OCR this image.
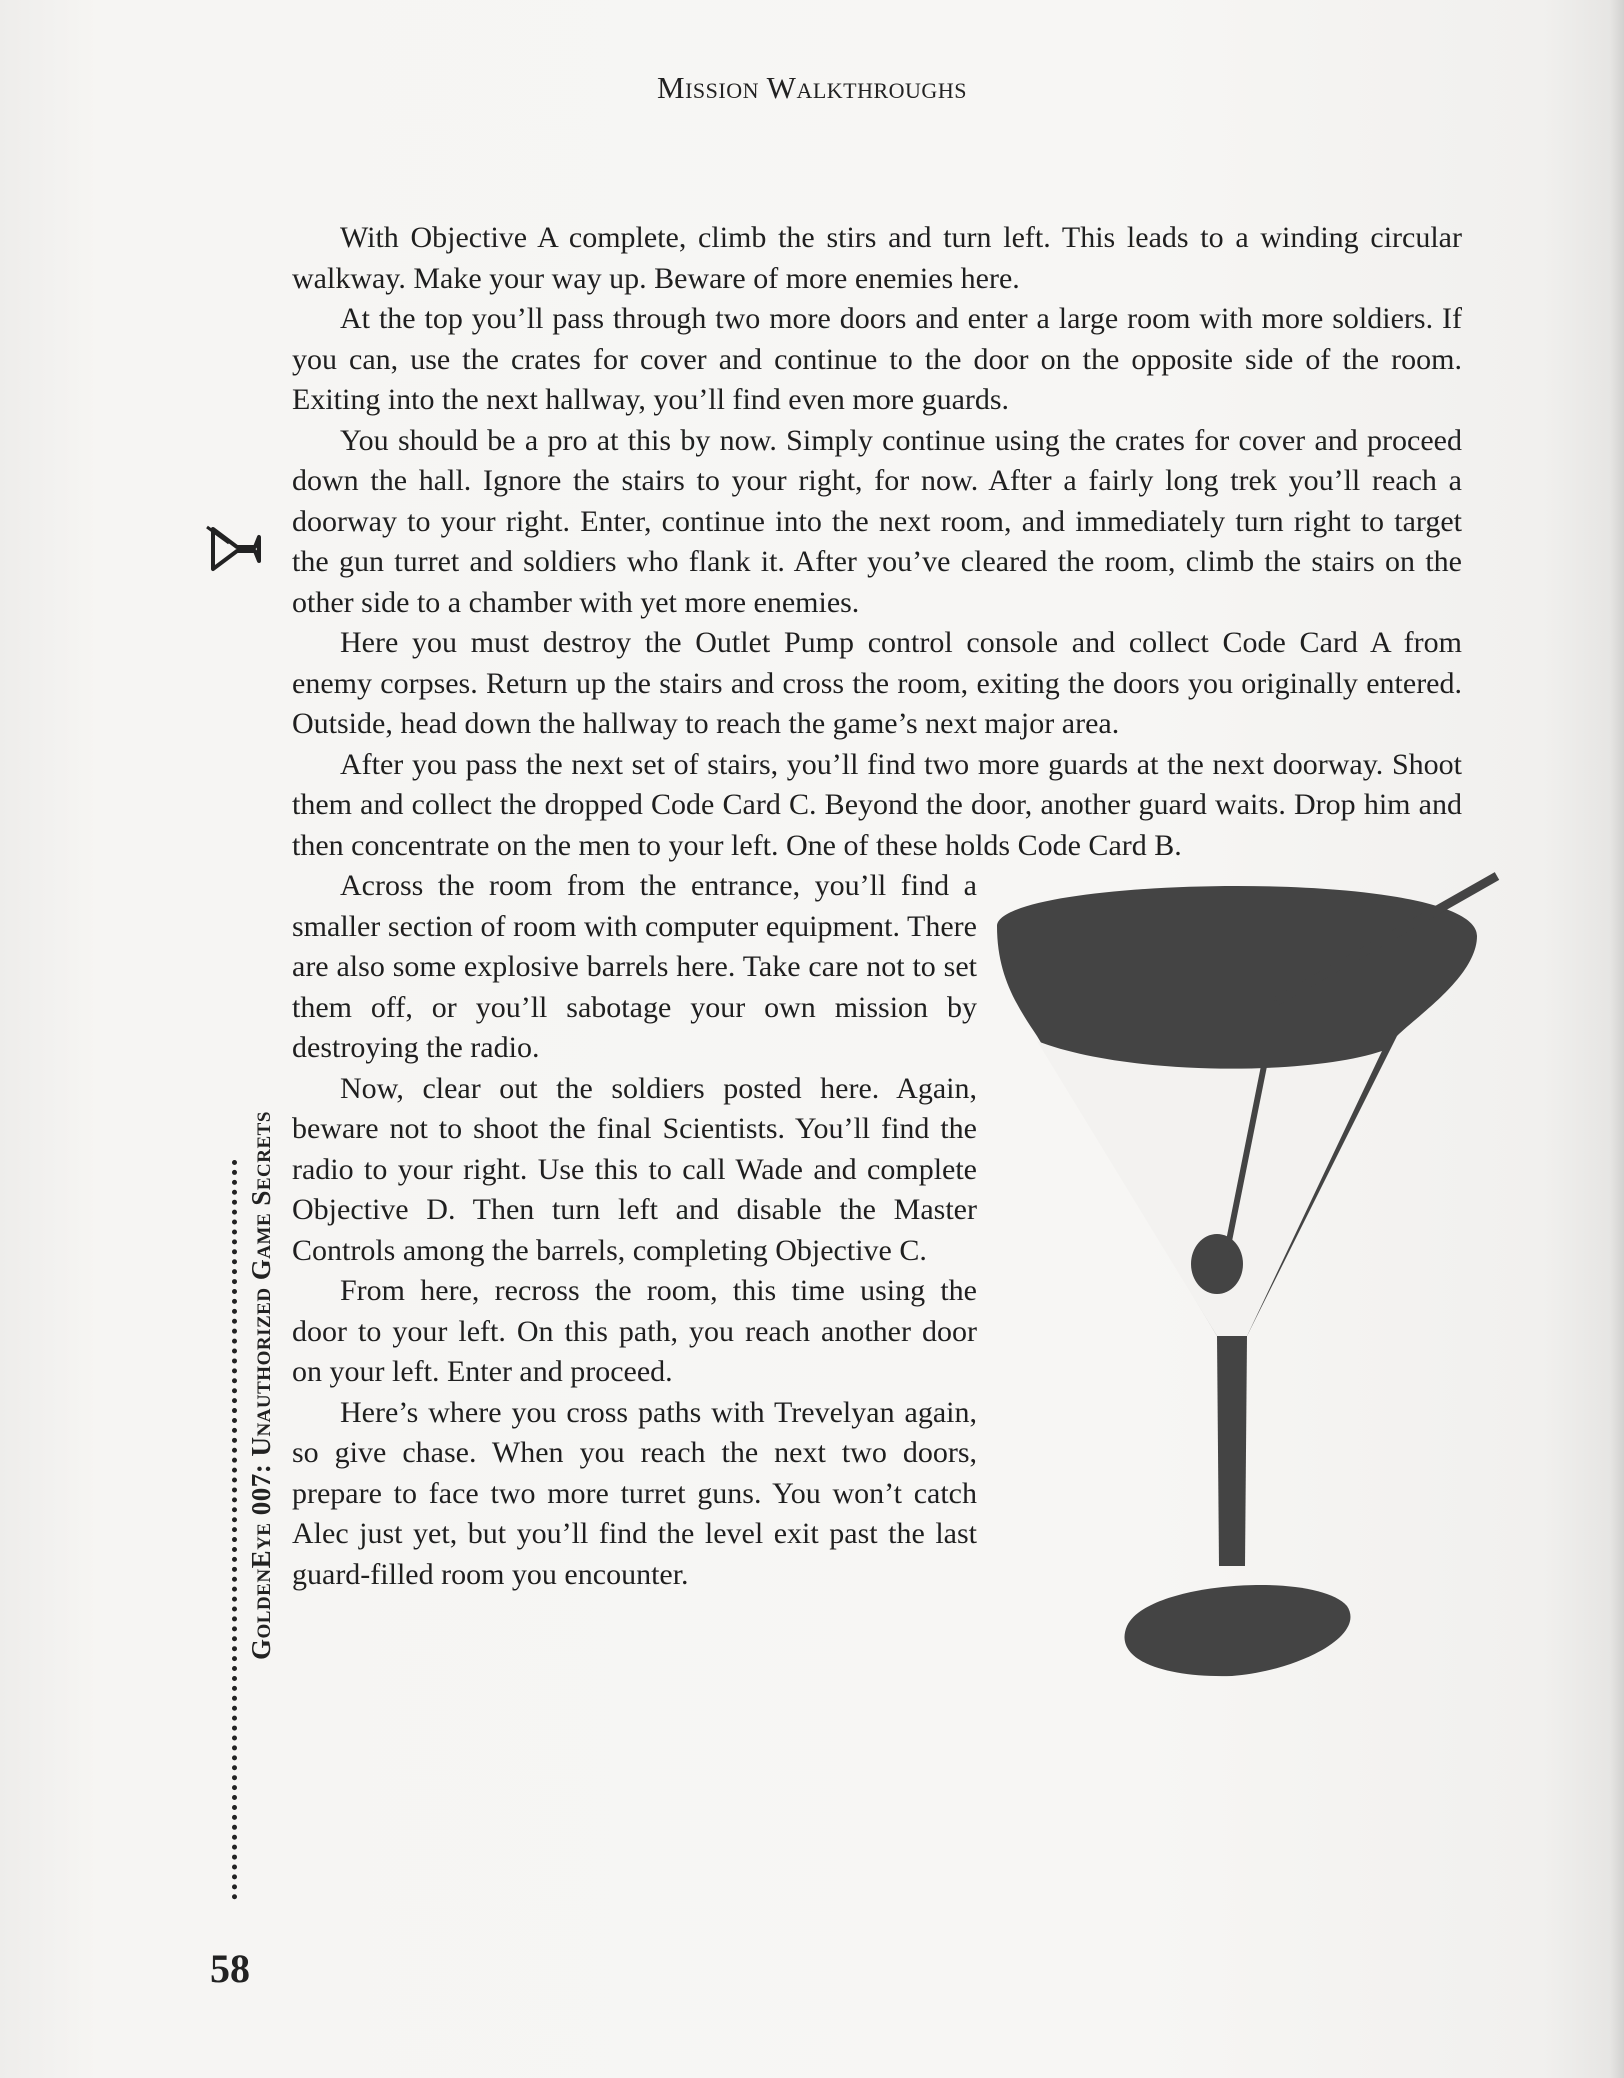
Mission Walkthroughs
GoldenEye 007: Unauthorized Game Secrets
58

With Objective A complete, climb the stirs and turn left. This leads to a winding circular walkway. Make your way up. Beware of more enemies here.

At the top you’ll pass through two more doors and enter a large room with more soldiers. If you can, use the crates for cover and continue to the door on the opposite side of the room. Exiting into the next hallway, you’ll find even more guards.

You should be a pro at this by now. Simply continue using the crates for cover and proceed down the hall. Ignore the stairs to your right, for now. After a fairly long trek you’ll reach a doorway to your right. Enter, continue into the next room, and immediately turn right to target the gun turret and soldiers who flank it. After you’ve cleared the room, climb the stairs on the other side to a chamber with yet more enemies.

Here you must destroy the Outlet Pump control console and collect Code Card A from enemy corpses. Return up the stairs and cross the room, exiting the doors you originally entered. Outside, head down the hallway to reach the game’s next major area.

After you pass the next set of stairs, you’ll find two more guards at the next doorway. Shoot them and collect the dropped Code Card C. Beyond the door, another guard waits. Drop him and then concentrate on the men to your left. One of these holds Code Card B.

Across the room from the entrance, you’ll find a smaller section of room with computer equipment. There are also some explosive barrels here. Take care not to set them off, or you’ll sabotage your own mission by destroying the radio.

Now, clear out the soldiers posted here. Again, beware not to shoot the final Scientists. You’ll find the radio to your right. Use this to call Wade and complete Objective D. Then turn left and disable the Master Controls among the barrels, completing Objective C.

From here, recross the room, this time using the door to your left. On this path, you reach another door on your left. Enter and proceed.

Here’s where you cross paths with Trevelyan again, so give chase. When you reach the next two doors, prepare to face two more turret guns. You won’t catch Alec just yet, but you’ll find the level exit past the last guard-filled room you encounter.
